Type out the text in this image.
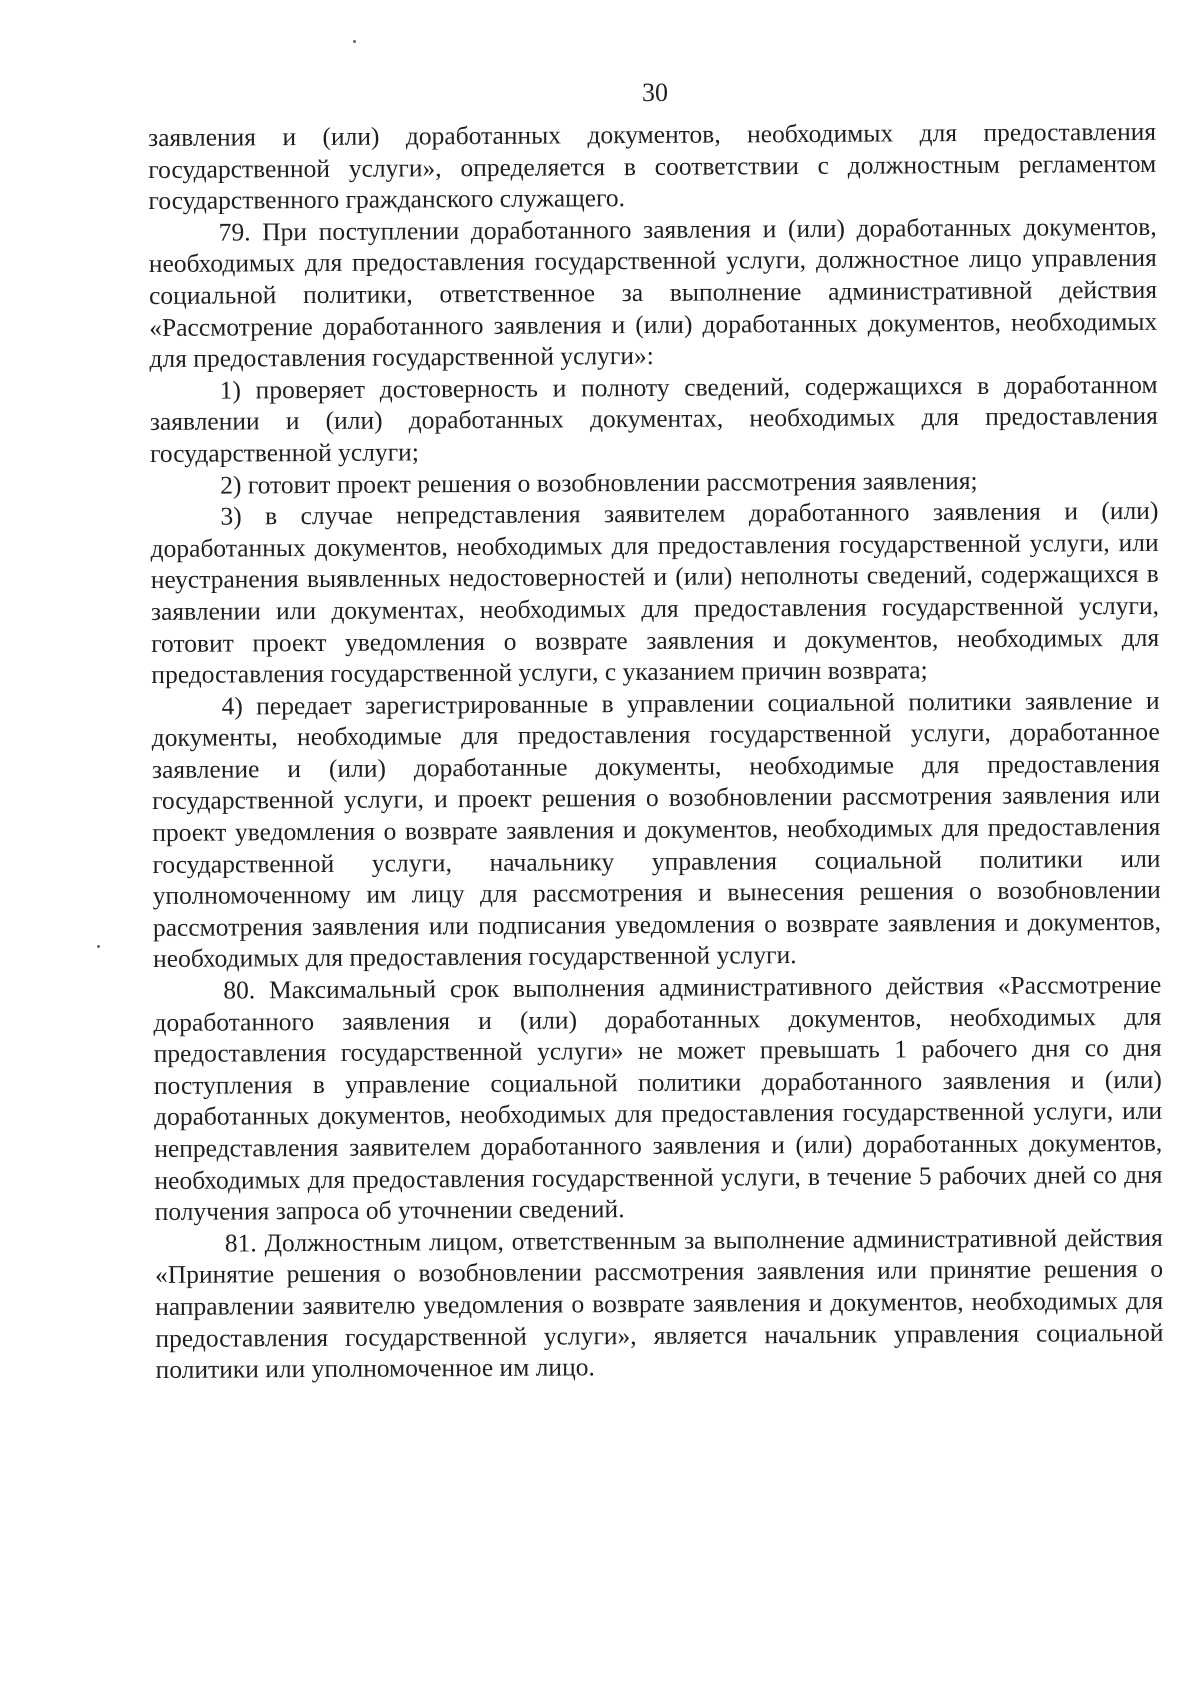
30

заявления и (или) доработанных документов, необходимых для предоставления государственной услуги», определяется в соответствии с должностным регламентом государственного гражданского служащего.

79. При поступлении доработанного заявления и (или) доработанных документов, необходимых для предоставления государственной услуги, должностное лицо управления социальной политики, ответственное за выполнение административной действия «Рассмотрение доработанного заявления и (или) доработанных документов, необходимых для предоставления государственной услуги»:

1) проверяет достоверность и полноту сведений, содержащихся в доработанном заявлении и (или) доработанных документах, необходимых для предоставления государственной услуги;

2) готовит проект решения о возобновлении рассмотрения заявления;

3) в случае непредставления заявителем доработанного заявления и (или) доработанных документов, необходимых для предоставления государственной услуги, или неустранения выявленных недостоверностей и (или) неполноты сведений, содержащихся в заявлении или документах, необходимых для предоставления государственной услуги, готовит проект уведомления о возврате заявления и документов, необходимых для предоставления государственной услуги, с указанием причин возврата;

4) передает зарегистрированные в управлении социальной политики заявление и документы, необходимые для предоставления государственной услуги, доработанное заявление и (или) доработанные документы, необходимые для предоставления государственной услуги, и проект решения о возобновлении рассмотрения заявления или проект уведомления о возврате заявления и документов, необходимых для предоставления государственной услуги, начальнику управления социальной политики или уполномоченному им лицу для рассмотрения и вынесения решения о возобновлении рассмотрения заявления или подписания уведомления о возврате заявления и документов, необходимых для предоставления государственной услуги.

80. Максимальный срок выполнения административного действия «Рассмотрение доработанного заявления и (или) доработанных документов, необходимых для предоставления государственной услуги» не может превышать 1 рабочего дня со дня поступления в управление социальной политики доработанного заявления и (или) доработанных документов, необходимых для предоставления государственной услуги, или непредставления заявителем доработанного заявления и (или) доработанных документов, необходимых для предоставления государственной услуги, в течение 5 рабочих дней со дня получения запроса об уточнении сведений.

81. Должностным лицом, ответственным за выполнение административной действия «Принятие решения о возобновлении рассмотрения заявления или принятие решения о направлении заявителю уведомления о возврате заявления и документов, необходимых для предоставления государственной услуги», является начальник управления социальной политики или уполномоченное им лицо.
